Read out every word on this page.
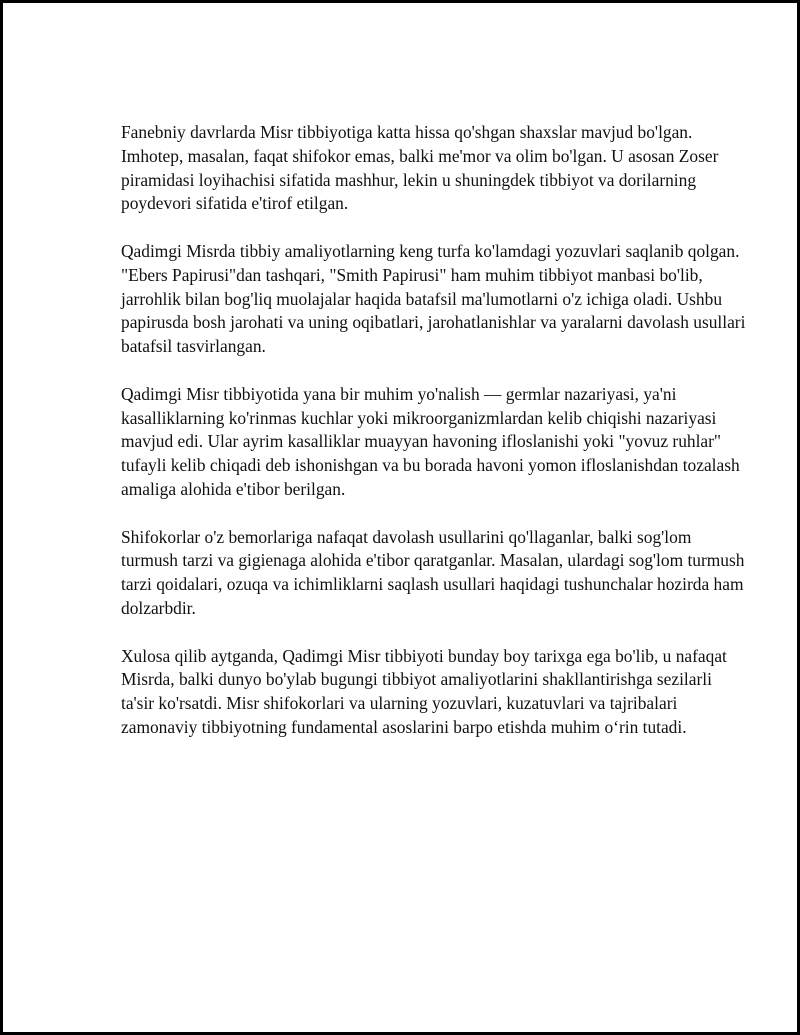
Fanebniy davrlarda Misr tibbiyotiga katta hissa qo'shgan shaxslar mavjud bo'lgan. Imhotep, masalan, faqat shifokor emas, balki me'mor va olim bo'lgan. U asosan Zoser piramidasi loyihachisi sifatida mashhur, lekin u shuningdek tibbiyot va dorilarning poydevori sifatida e'tirof etilgan.

Qadimgi Misrda tibbiy amaliyotlarning keng turfa ko'lamdagi yozuvlari saqlanib qolgan. "Ebers Papirusi"dan tashqari, "Smith Papirusi" ham muhim tibbiyot manbasi bo'lib, jarrohlik bilan bog'liq muolajalar haqida batafsil ma'lumotlarni o'z ichiga oladi. Ushbu papirusda bosh jarohati va uning oqibatlari, jarohatlanishlar va yaralarni davolash usullari batafsil tasvirlangan.

Qadimgi Misr tibbiyotida yana bir muhim yo'nalish — germlar nazariyasi, ya'ni kasalliklarning ko'rinmas kuchlar yoki mikroorganizmlardan kelib chiqishi nazariyasi mavjud edi. Ular ayrim kasalliklar muayyan havoning ifloslanishi yoki "yovuz ruhlar" tufayli kelib chiqadi deb ishonishgan va bu borada havoni yomon ifloslanishdan tozalash amaliga alohida e'tibor berilgan.

Shifokorlar o'z bemorlariga nafaqat davolash usullarini qo'llaganlar, balki sog'lom turmush tarzi va gigienaga alohida e'tibor qaratganlar. Masalan, ulardagi sog'lom turmush tarzi qoidalari, ozuqa va ichimliklarni saqlash usullari haqidagi tushunchalar hozirda ham dolzarbdir.

Xulosa qilib aytganda, Qadimgi Misr tibbiyoti bunday boy tarixga ega bo'lib, u nafaqat Misrda, balki dunyo bo'ylab bugungi tibbiyot amaliyotlarini shakllantirishga sezilarli ta'sir ko'rsatdi. Misr shifokorlari va ularning yozuvlari, kuzatuvlari va tajribalari zamonaviy tibbiyotning fundamental asoslarini barpo etishda muhim o‘rin tutadi.
